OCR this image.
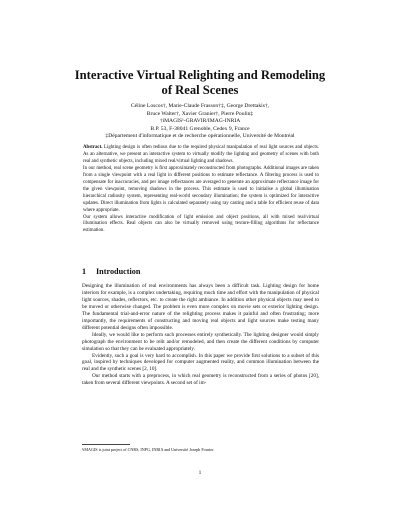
Interactive Virtual Relighting and Remodeling
of Real Scenes
Céline Loscos†, Marie-Claude Frasson†‡, George Drettakis†,
Bruce Walter†, Xavier Granier†, Pierre Poulin‡
†iMAGIS¹-GRAVIR/IMAG-INRIA
B.P. 53, F-38041 Grenoble, Cedex 9, France
‡Département d'informatique et de recherche opérationnelle, Université de Montréal

Abstract. Lighting design is often tedious due to the required physical manipulation of real light sources and objects. As an alternative, we present an interactive system to virtually modify the lighting and geometry of scenes with both real and synthetic objects, including mixed real/virtual lighting and shadows.

In our method, real scene geometry is first approximately reconstructed from photographs. Additional images are taken from a single viewpoint with a real light in different positions to estimate reflectance. A filtering process is used to compensate for inaccuracies, and per image reflectances are averaged to generate an approximate reflectance image for the given viewpoint, removing shadows in the process. This estimate is used to initialise a global illumination hierarchical radiosity system, representing real-world secondary illumination; the system is optimized for interactive updates. Direct illumination from lights is calculated separately using ray casting and a table for efficient reuse of data where appropriate.

Our system allows interactive modification of light emission and object positions, all with mixed real/virtual illumination effects. Real objects can also be virtually removed using texture-filling algorithms for reflectance estimation.

1 Introduction

Designing the illumination of real environments has always been a difficult task. Lighting design for home interiors for example, is a complex undertaking, requiring much time and effort with the manipulation of physical light sources, shades, reflectors, etc. to create the right ambiance. In addition other physical objects may need to be moved or otherwise changed. The problem is even more complex on movie sets or exterior lighting design. The fundamental trial-and-error nature of the relighting process makes it painful and often frustrating; more importantly, the requirements of constructing and moving real objects and light sources make testing many different potential designs often impossible.

Ideally, we would like to perform such processes entirely synthetically. The lighting designer would simply photograph the environment to be relit and/or remodeled, and then create the different conditions by computer simulation so that they can be evaluated appropriately.

Evidently, such a goal is very hard to accomplish. In this paper we provide first solutions to a subset of this goal, inspired by techniques developed for computer augmented reality, and common illumination between the real and the synthetic scenes [2, 10].

Our method starts with a preprocess, in which real geometry is reconstructed from a series of photos [20], taken from several different viewpoints. A second set of im-

¹iMAGIS is joint project of CNRS, INPG, INRIA and Université Joseph Fourier.
1
